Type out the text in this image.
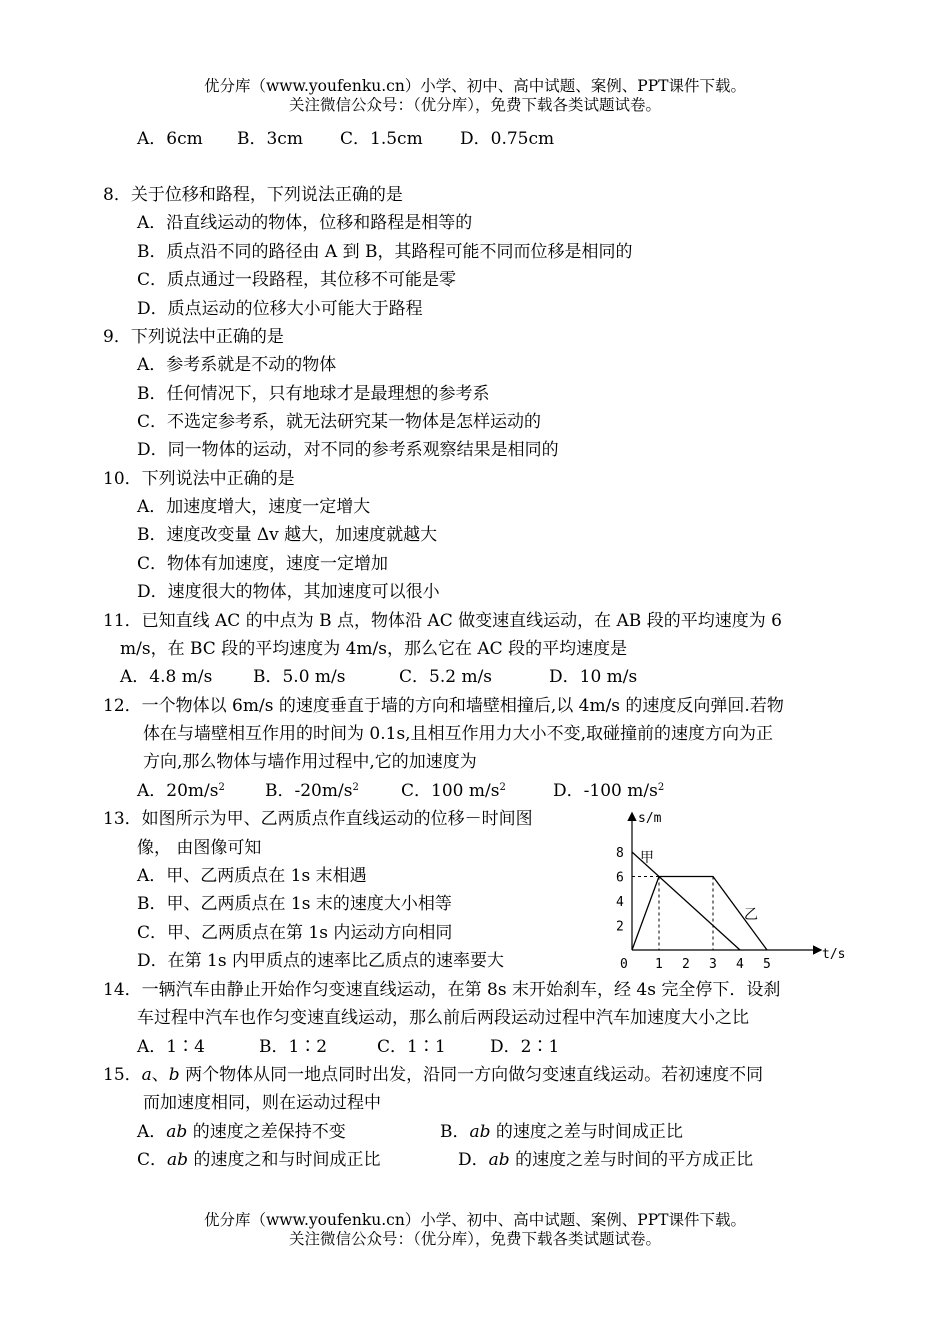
优分库（www.youfenku.cn）小学、初中、高中试题、案例、PPT课件下载。
关注微信公众号：（优分库），免费下载各类试题试卷。
A．6cm B．3cm C．1.5cm D．0.75cm
8．关于位移和路程，下列说法正确的是
A．沿直线运动的物体，位移和路程是相等的
B．质点沿不同的路径由 A 到 B，其路程可能不同而位移是相同的
C．质点通过一段路程，其位移不可能是零
D．质点运动的位移大小可能大于路程
9．下列说法中正确的是
A．参考系就是不动的物体
B．任何情况下，只有地球才是最理想的参考系
C．不选定参考系，就无法研究某一物体是怎样运动的
D．同一物体的运动，对不同的参考系观察结果是相同的
10．下列说法中正确的是
A．加速度增大，速度一定增大
B．速度改变量 Δv 越大，加速度就越大
C．物体有加速度，速度一定增加
D．速度很大的物体，其加速度可以很小
11．已知直线 AC 的中点为 B 点，物体沿 AC 做变速直线运动，在 AB 段的平均速度为 6
m/s，在 BC 段的平均速度为 4m/s，那么它在 AC 段的平均速度是
A．4.8 m/s B．5.0 m/s	C．5.2 m/s	D．10 m/s
12．一个物体以 6m/s 的速度垂直于墙的方向和墙壁相撞后,以 4m/s 的速度反向弹回.若物
体在与墙壁相互作用的时间为 0.1s,且相互作用力大小不变,取碰撞前的速度方向为正
方向,那么物体与墙作用过程中,它的加速度为
A．$20m/s^2$ B．$-20m/s^2$ C．100 $m/s^2$	D．-100 $m/s^2$
13．如图所示为甲、乙两质点作直线运动的位移－时间图
像， 由图像可知
A．甲、乙两质点在 1s 末相遇
B．甲、乙两质点在 1s 末的速度大小相等
C．甲、乙两质点在第 1s 内运动方向相同
D．在第 1s 内甲质点的速率比乙质点的速率要大
s/m
t/s
8
6
4
2
0 1 2 3 4 5
甲
乙
14．一辆汽车由静止开始作匀变速直线运动，在第 8s 末开始刹车，经 4s 完全停下．设刹
车过程中汽车也作匀变速直线运动，那么前后两段运动过程中汽车加速度大小之比
A．1∶4	B．1∶2	C．1∶1	D．2∶1
15．a、b 两个物体从同一地点同时出发，沿同一方向做匀变速直线运动。若初速度不同
而加速度相同，则在运动过程中
A．ab 的速度之差保持不变	B．ab 的速度之差与时间成正比
C．ab 的速度之和与时间成正比	D．ab 的速度之差与时间的平方成正比
优分库（www.youfenku.cn）小学、初中、高中试题、案例、PPT课件下载。
关注微信公众号：（优分库），免费下载各类试题试卷。
